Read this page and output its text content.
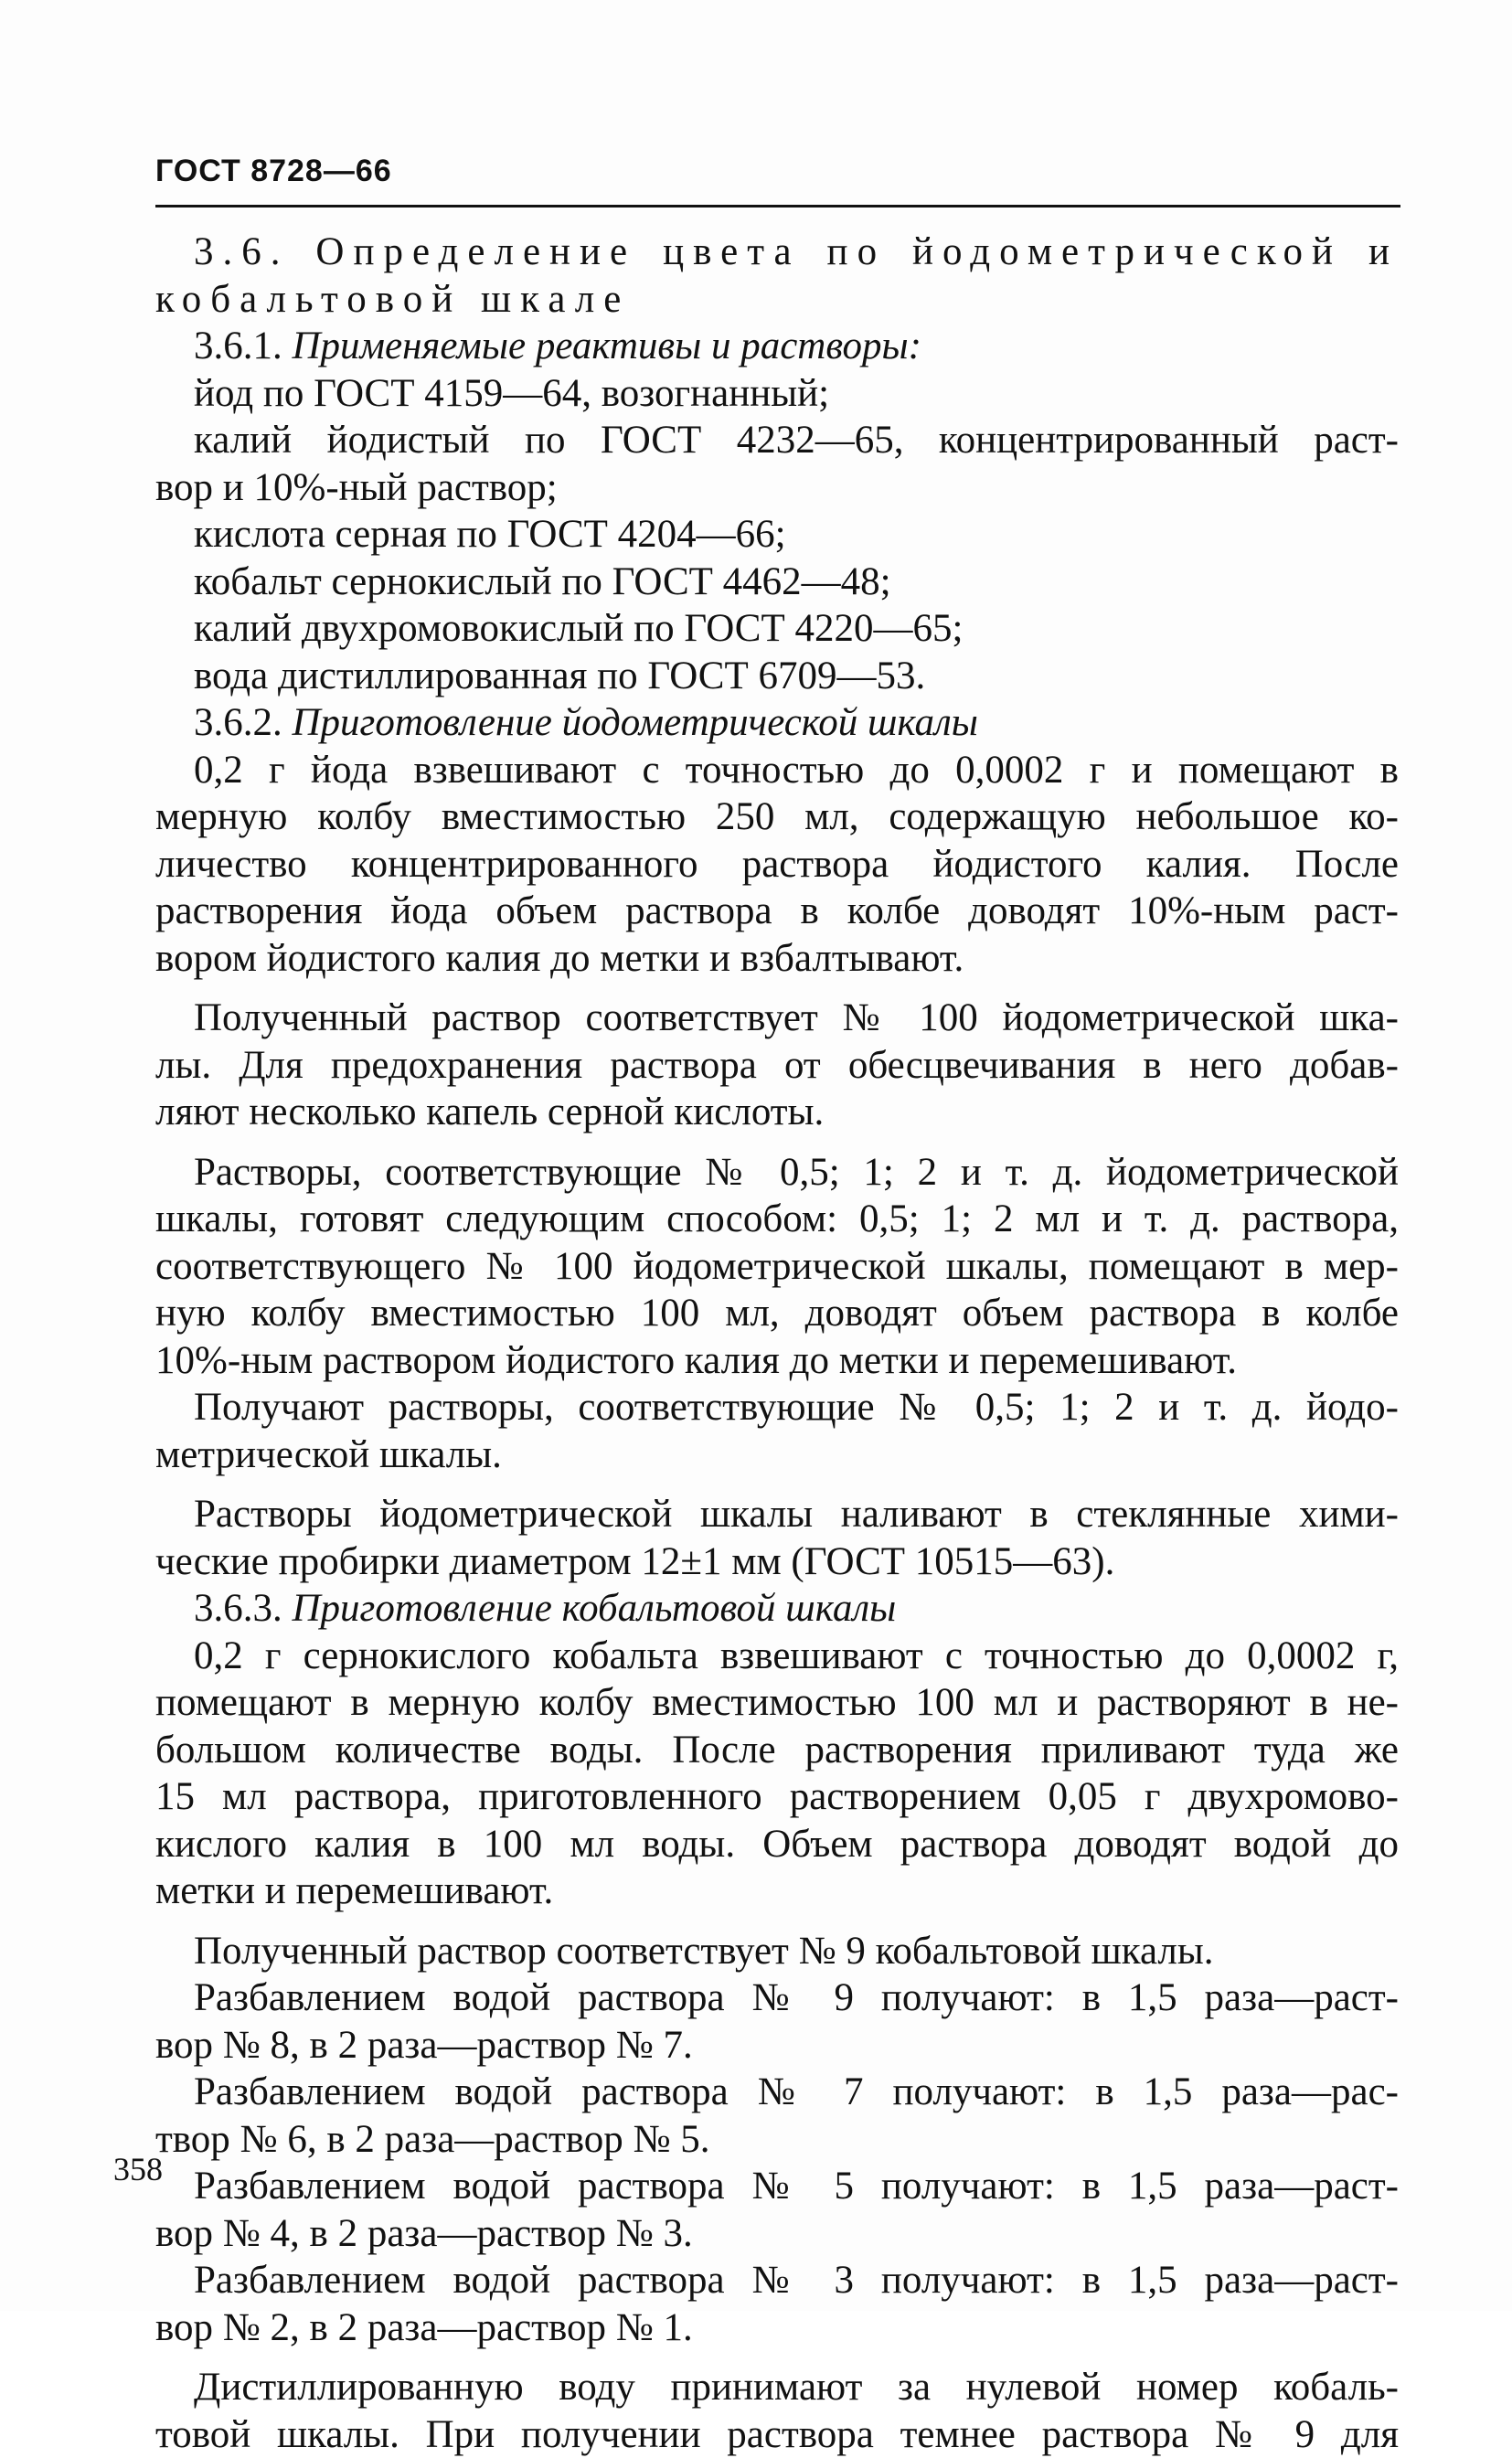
ГОСТ 8728—66
3.6. Определение цвета по йодометрической и
кобальтовой шкале
3.6.1. Применяемые реактивы и растворы:
йод по ГОСТ 4159—64, возогнанный;
калий йодистый по ГОСТ 4232—65, концентрированный раст-
вор и 10%-ный раствор;
кислота серная по ГОСТ 4204—66;
кобальт сернокислый по ГОСТ 4462—48;
калий двухромовокислый по ГОСТ 4220—65;
вода дистиллированная по ГОСТ 6709—53.
3.6.2. Приготовление йодометрической шкалы
0,2 г йода взвешивают с точностью до 0,0002 г и помещают в
мерную колбу вместимостью 250 мл, содержащую небольшое ко-
личество концентрированного раствора йодистого калия. После
растворения йода объем раствора в колбе доводят 10%-ным раст-
вором йодистого калия до метки и взбалтывают.
Полученный раствор соответствует № 100 йодометрической шка-
лы. Для предохранения раствора от обесцвечивания в него добав-
ляют несколько капель серной кислоты.
Растворы, соответствующие № 0,5; 1; 2 и т. д. йодометрической
шкалы, готовят следующим способом: 0,5; 1; 2 мл и т. д. раствора,
соответствующего № 100 йодометрической шкалы, помещают в мер-
ную колбу вместимостью 100 мл, доводят объем раствора в колбе
10%-ным раствором йодистого калия до метки и перемешивают.
Получают растворы, соответствующие № 0,5; 1; 2 и т. д. йодо-
метрической шкалы.
Растворы йодометрической шкалы наливают в стеклянные хими-
ческие пробирки диаметром 12±1 мм (ГОСТ 10515—63).
3.6.3. Приготовление кобальтовой шкалы
0,2 г сернокислого кобальта взвешивают с точностью до 0,0002 г,
помещают в мерную колбу вместимостью 100 мл и растворяют в не-
большом количестве воды. После растворения приливают туда же
15 мл раствора, приготовленного растворением 0,05 г двухромово-
кислого калия в 100 мл воды. Объем раствора доводят водой до
метки и перемешивают.
Полученный раствор соответствует № 9 кобальтовой шкалы.
Разбавлением водой раствора № 9 получают: в 1,5 раза—раст-
вор № 8, в 2 раза—раствор № 7.
Разбавлением водой раствора № 7 получают: в 1,5 раза—рас-
твор № 6, в 2 раза—раствор № 5.
Разбавлением водой раствора № 5 получают: в 1,5 раза—раст-
вор № 4, в 2 раза—раствор № 3.
Разбавлением водой раствора № 3 получают: в 1,5 раза—раст-
вор № 2, в 2 раза—раствор № 1.
Дистиллированную воду принимают за нулевой номер кобаль-
товой шкалы. При получении раствора темнее раствора № 9 для
358
